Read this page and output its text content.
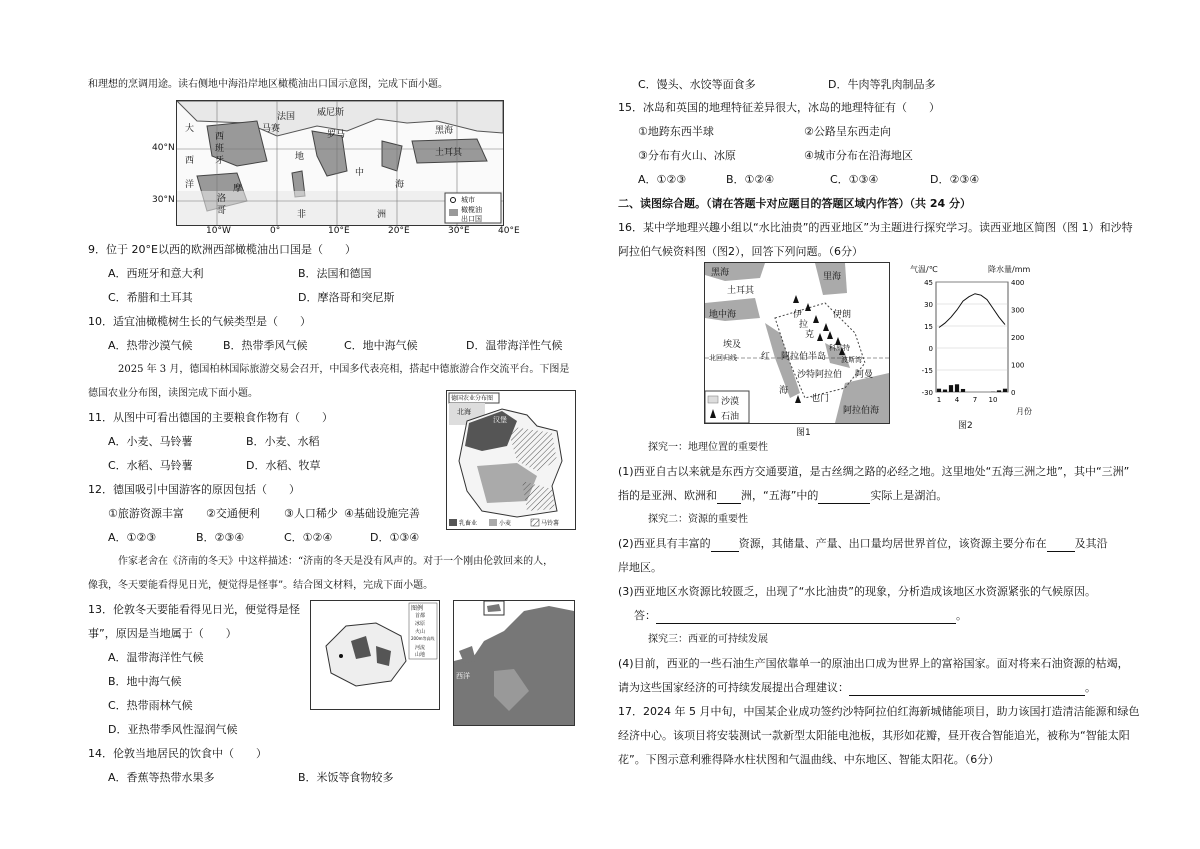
和理想的烹调用途。读右侧地中海沿岸地区橄榄油出口国示意图，完成下面小题。
大
西
班
牙
法国
马赛
威尼斯
罗马	黑海
土耳其
西
洋
地
中
海
摩
洛
哥	非	洲
城市
橄榄油
出口国
40°N
30°N
10°W	0°	10°E	20°E	30°E	40°E
9．位于 20°E以西的欧洲西部橄榄油出口国是（　　）
A．西班牙和意大利	B．法国和德国
C．希腊和土耳其	D．摩洛哥和突尼斯
10．适宜油橄榄树生长的气候类型是（　　）
A．热带沙漠气候	B．热带季风气候	C．地中海气候	D．温带海洋性气候
2025 年 3 月，德国柏林国际旅游交易会召开，中国多代表亮相，搭起中德旅游合作交流平台。下图是
德国农业分布图，读图完成下面小题。	德国农业分布图
北海
汉堡
乳畜业	小麦	马铃薯
11．从图中可看出德国的主要粮食作物有（　　）
A．小麦、马铃薯	B．小麦、水稻
C．水稻、马铃薯	D．水稻、牧草
12．德国吸引中国游客的原因包括（　　）
①旅游资源丰富 ②交通便利 ③人口稀少 ④基础设施完善
A．①②③	B．②③④	C．①②④	D．①③④
作家老舍在《济南的冬天》中这样描述：“济南的冬天是没有风声的。对于一个刚由伦敦回来的人，
像我，冬天要能看得见日光，便觉得是怪事”。结合图文材料，完成下面小题。
13．伦敦冬天要能看得见日光，便觉得是怪
事”，原因是当地属于（　　）
A．温带海洋性气候
B．地中海气候
C．热带雨林气候
D．亚热带季风性湿润气候
图例
首都
冰原
火山
200m等高线
河流
山地
西洋
14．伦敦当地居民的饮食中（　　）
A．香蕉等热带水果多	B．米饭等食物较多
C．馒头、水饺等面食多	D．牛肉等乳肉制品多
15．冰岛和英国的地理特征差异很大，冰岛的地理特征有（　　）
①地跨东西半球	②公路呈东西走向
③分布有火山、冰原	④城市分布在沿海地区
A．①②③	B．①②④	C．①③④	D．②③④
二、读图综合题。（请在答题卡对应题目的答题区域内作答）（共 24 分）
16．某中学地理兴趣小组以“水比油贵”的西亚地区”为主题进行探究学习。读西亚地区简图（图 1）和沙特
阿拉伯气候资料图（图2），回答下列问题。（6分）
黑海	里海
土耳其
地中海	伊
拉
克
伊朗
埃及
红
海
阿拉伯半岛
沙特阿拉伯
北回归线
科威特
阿曼
也门
阿拉伯海
波斯湾
沙漠
石油
图1
45
30
15
0
-15
-30
400
300
200
100
0
1 4 7 10
气温/℃	降水量/mm
月份
图2
探究一：地理位置的重要性
(1)西亚自古以来就是东西方交通要道，是古丝绸之路的必经之地。这里地处“五海三洲之地”，其中“三洲”
指的是亚洲、欧洲和 洲，“五海”中的	实际上是湖泊。
探究二：资源的重要性
(2)西亚具有丰富的	资源，其储量、产量、出口量均居世界首位，该资源主要分布在	及其沿
岸地区。
(3)西亚地区水资源比较匮乏，出现了“水比油贵”的现象，分析造成该地区水资源紧张的气候原因。
答：	。
探究三：西亚的可持续发展
(4)目前，西亚的一些石油生产国依靠单一的原油出口成为世界上的富裕国家。面对将来石油资源的枯竭，
请为这些国家经济的可持续发展提出合理建议：	。
17．2024 年 5 月中旬，中国某企业成功签约沙特阿拉伯红海新城储能项目，助力该国打造清洁能源和绿色
经济中心。该项目将安装测试一款新型太阳能电池板，其形如花瓣，昼开夜合智能追光，被称为“智能太阳
花”。下图示意利雅得降水柱状图和气温曲线、中东地区、智能太阳花。（6分）
